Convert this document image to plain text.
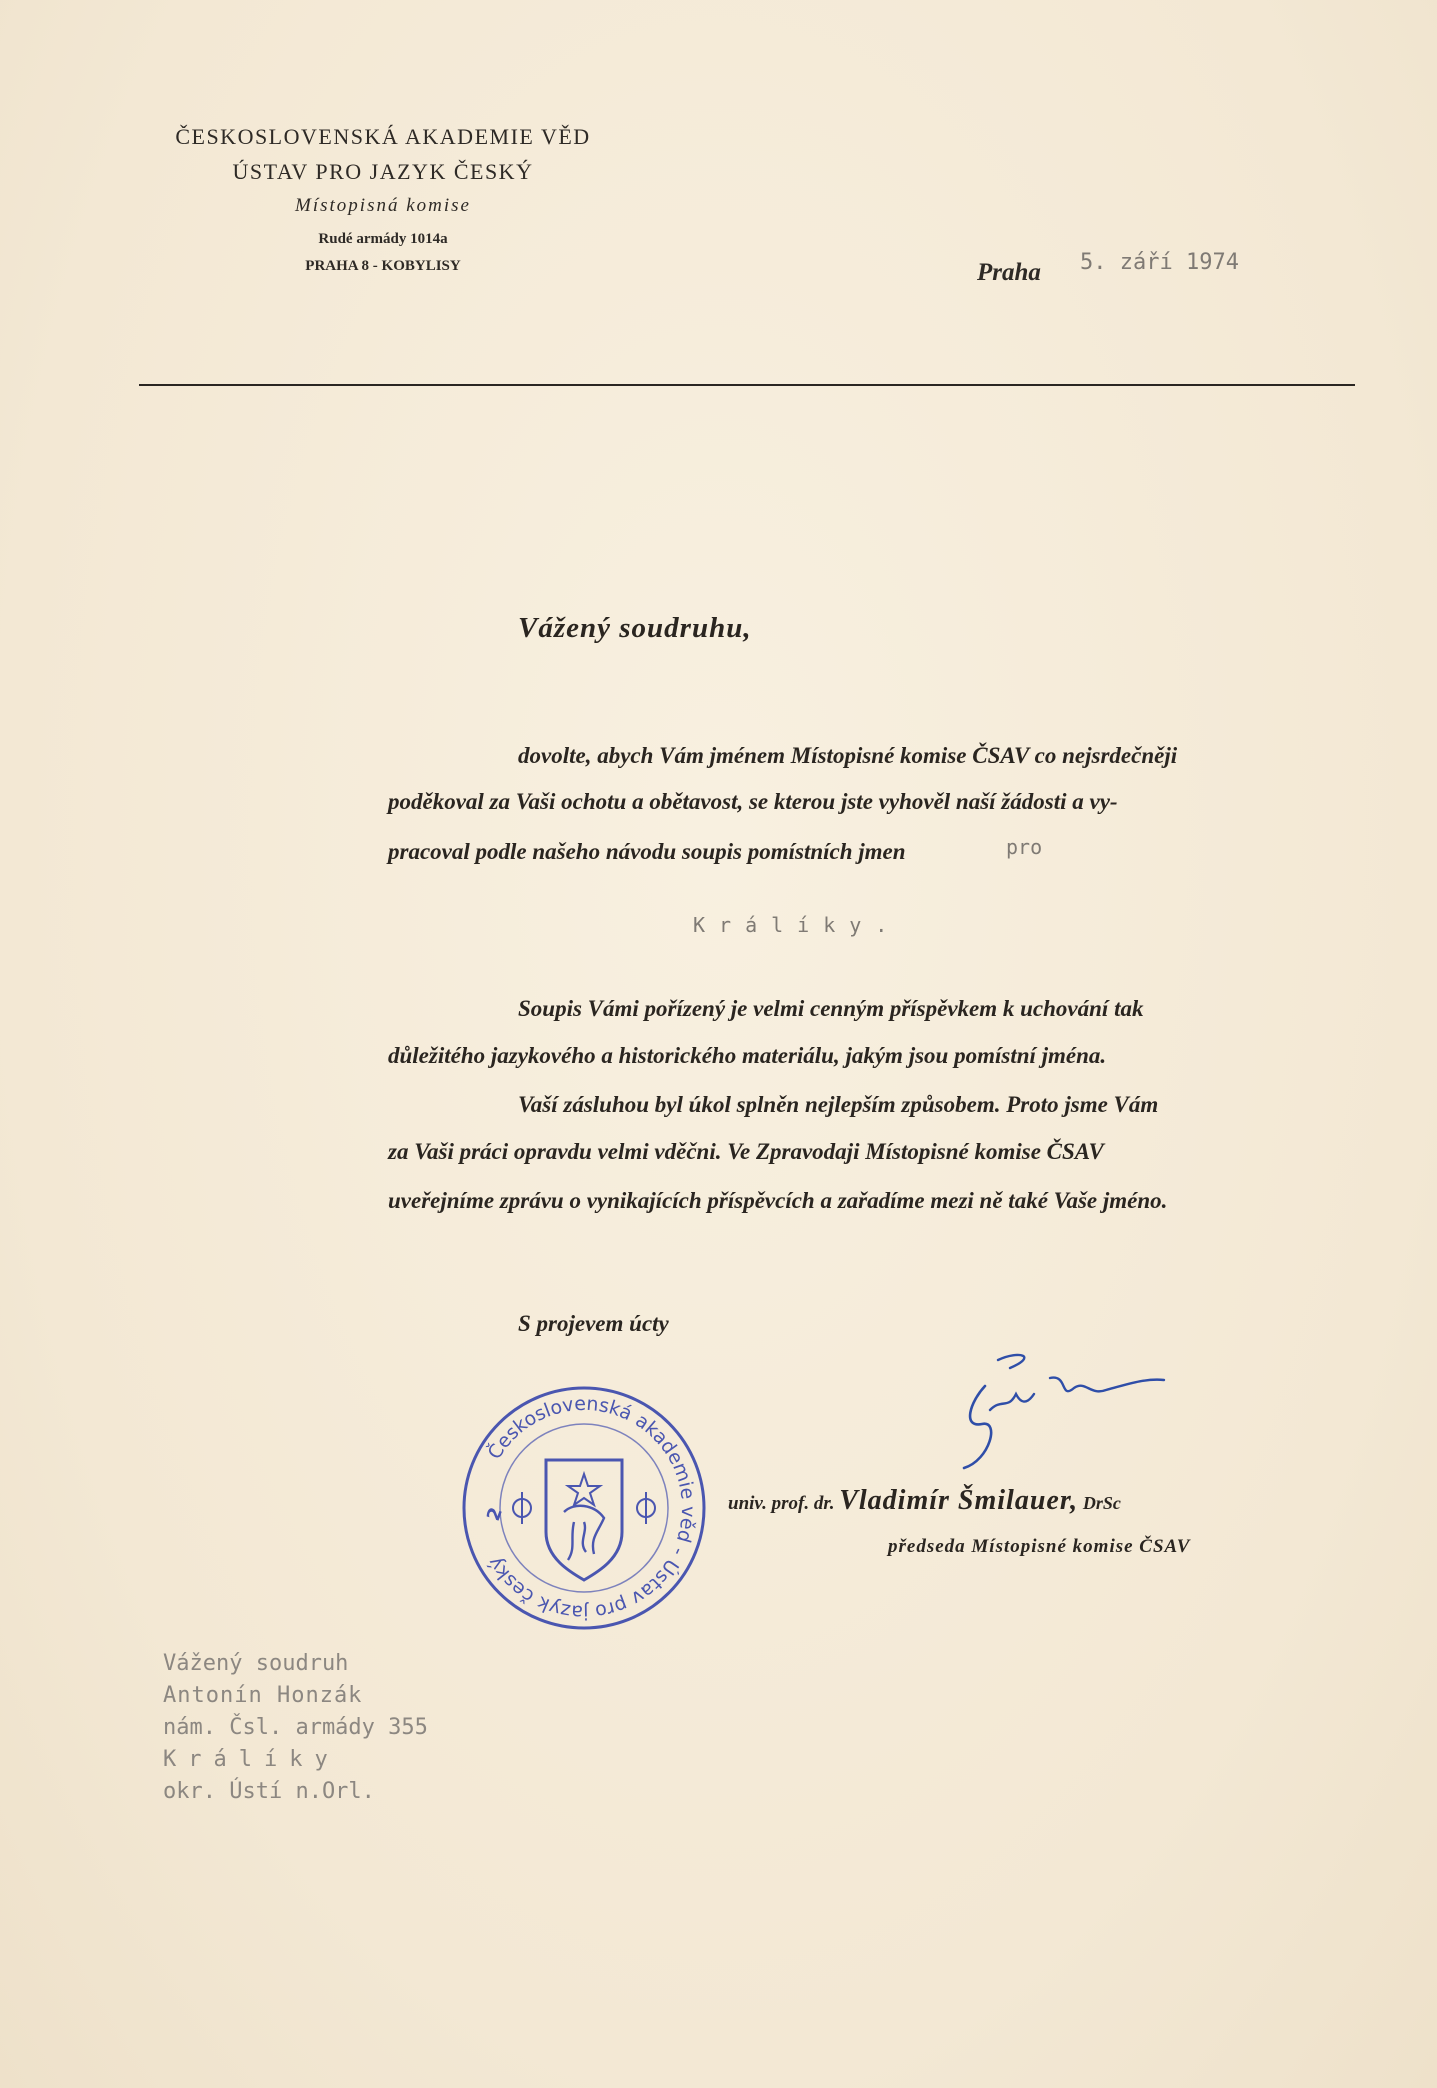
ČESKOSLOVENSKÁ AKADEMIE VĚD
ÚSTAV PRO JAZYK ČESKÝ
Místopisná komise
Rudé armády 1014a
PRAHA 8 - KOBYLISY	Praha 5. září 1974
Vážený soudruhu,
dovolte, abych Vám jménem Místopisné komise ČSAV co nejsrdečněji
poděkoval za Vaši ochotu a obětavost, se kterou jste vyhověl naší žádosti a vy-
pracoval podle našeho návodu soupis pomístních jmen	pro
Králíky.
Soupis Vámi pořízený je velmi cenným příspěvkem k uchování tak
důležitého jazykového a historického materiálu, jakým jsou pomístní jména.
Vaší zásluhou byl úkol splněn nejlepším způsobem. Proto jsme Vám
za Vaši práci opravdu velmi vděčni. Ve Zpravodaji Místopisné komise ČSAV
uveřejníme zprávu o vynikajících příspěvcích a zařadíme mezi ně také Vaše jméno.
S projevem úcty
Československá akademie věd - Ústav pro jazyk český
2
univ. prof. dr. Vladimír Šmilauer, DrSc
předseda Místopisné komise ČSAV
Vážený soudruh
Antonín Honzák
nám. Čsl. armády 355
Králíky
okr. Ústí n.Orl.
